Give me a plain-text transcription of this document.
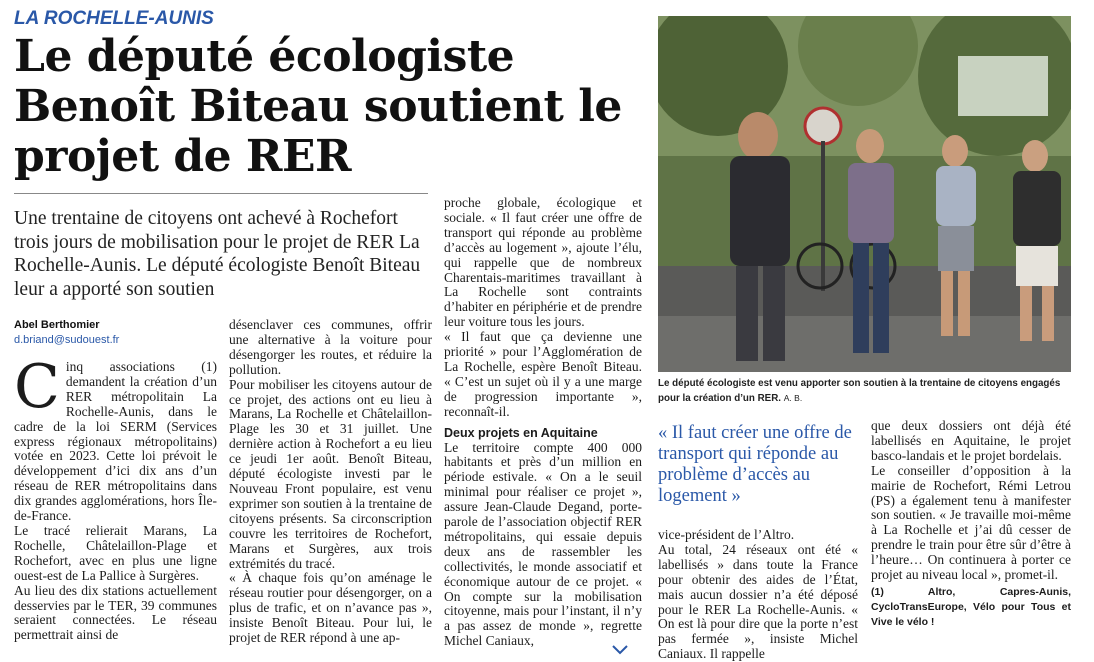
LA ROCHELLE-AUNIS
Le député écologiste Benoît Biteau soutient le projet de RER
Une trentaine de citoyens ont achevé à Rochefort trois jours de mobilisation pour le projet de RER La Rochelle-Aunis. Le député écologiste Benoît Biteau leur a apporté son soutien
Abel Berthomier
d.briand@sudouest.fr

Cinq associations (1) demandent la création d’un RER métropolitain La Rochelle-Aunis, dans le cadre de la loi SERM (Services express régionaux métropolitains) votée en 2023. Cette loi prévoit le développement d’ici dix ans d’un réseau de RER métropolitains dans dix grandes agglomérations, hors Île-de-France.

Le tracé relierait Marans, La Rochelle, Châtelaillon-Plage et Rochefort, avec en plus une ligne ouest-est de La Pallice à Surgères.

Au lieu des dix stations actuellement desservies par le TER, 39 communes seraient connectées. Le réseau permettrait ainsi de

désenclaver ces communes, offrir une alternative à la voiture pour désengorger les routes, et réduire la pollution.

Pour mobiliser les citoyens autour de ce projet, des actions ont eu lieu à Marans, La Rochelle et Châtelaillon-Plage les 30 et 31 juillet. Une dernière action à Rochefort a eu lieu ce jeudi 1er août. Benoît Biteau, député écologiste investi par le Nouveau Front populaire, est venu exprimer son soutien à la trentaine de citoyens présents. Sa circonscription couvre les territoires de Rochefort, Marans et Surgères, aux trois extrémités du tracé.

« À chaque fois qu’on aménage le réseau routier pour désengorger, on a plus de trafic, et on n’avance pas », insiste Benoît Biteau. Pour lui, le projet de RER répond à une ap-

proche globale, écologique et sociale. « Il faut créer une offre de transport qui réponde au problème d’accès au logement », ajoute l’élu, qui rappelle que de nombreux Charentais-maritimes travaillant à La Rochelle sont contraints d’habiter en périphérie et de prendre leur voiture tous les jours.

« Il faut que ça devienne une priorité » pour l’Agglomération de La Rochelle, espère Benoît Biteau. « C’est un sujet où il y a une marge de progression importante », reconnaît-il.

Deux projets en Aquitaine

Le territoire compte 400 000 habitants et près d’un million en période estivale. « On a le seuil minimal pour réaliser ce projet », assure Jean-Claude Degand, porte-parole de l’association objectif RER métropolitains, qui essaie depuis deux ans de rassembler les collectivités, le monde associatif et économique autour de ce projet. « On compte sur la mobilisation citoyenne, mais pour l’instant, il n’y a pas assez de monde », regrette Michel Caniaux,

Le député écologiste est venu apporter son soutien à la trentaine de citoyens engagés pour la création d’un RER. A. B.
« Il faut créer une offre de transport qui réponde au problème d’accès au logement »

vice-président de l’Altro.

Au total, 24 réseaux ont été « labellisés » dans toute la France pour obtenir des aides de l’État, mais aucun dossier n’a été déposé pour le RER La Rochelle-Aunis. « On est là pour dire que la porte n’est pas fermée », insiste Michel Caniaux. Il rappelle

que deux dossiers ont déjà été labellisés en Aquitaine, le projet basco-landais et le projet bordelais.

Le conseiller d’opposition à la mairie de Rochefort, Rémi Letrou (PS) a également tenu à manifester son soutien. « Je travaille moi-même à La Rochelle et j’ai dû cesser de prendre le train pour être sûr d’être à l’heure… On continuera à porter ce projet au niveau local », promet-il.

(1) Altro, Capres-Aunis, CycloTransEurope, Vélo pour Tous et Vive le vélo !
